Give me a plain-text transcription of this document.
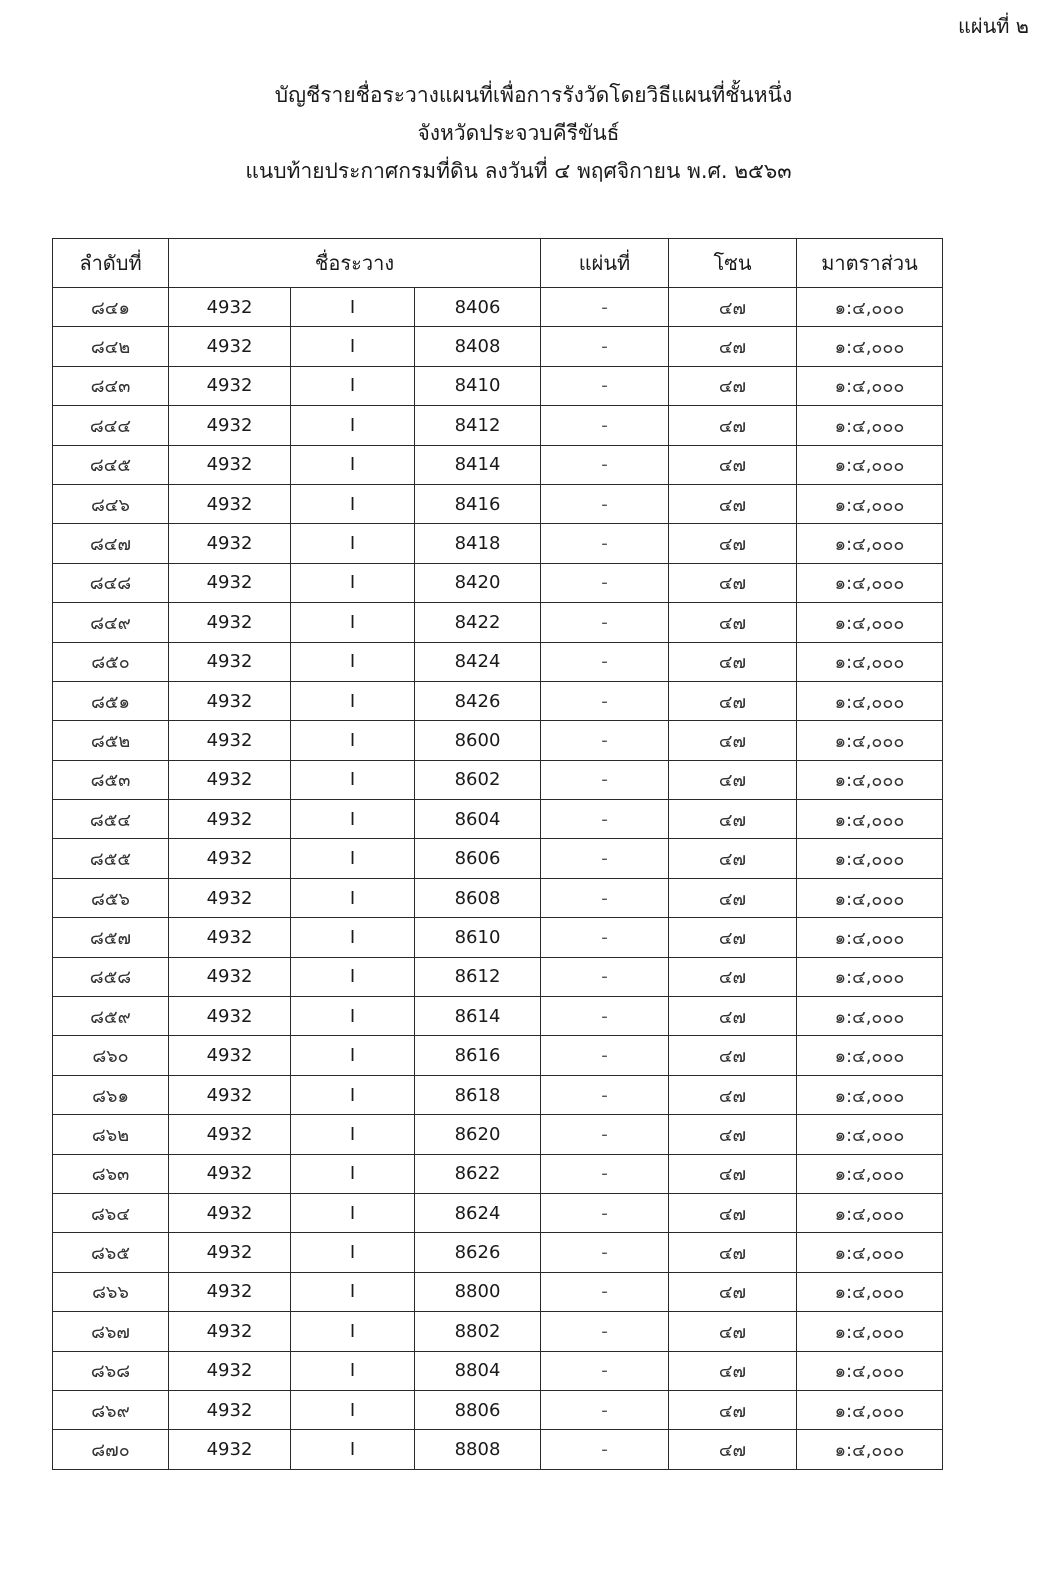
แผ่นที่ ๒
บัญชีรายชื่อระวางแผนที่เพื่อการรังวัดโดยวิธีแผนที่ชั้นหนึ่ง
จังหวัดประจวบคีรีขันธ์
แนบท้ายประกาศกรมที่ดิน ลงวันที่ ๔ พฤศจิกายน พ.ศ. ๒๕๖๓
ลำดับที่	ชื่อระวาง			แผ่นที่	โซน	มาตราส่วน
๘๔๑	4932	I	8406	-	๔๗	๑:๔,๐๐๐
๘๔๒	4932	I	8408	-	๔๗	๑:๔,๐๐๐
๘๔๓	4932	I	8410	-	๔๗	๑:๔,๐๐๐
๘๔๔	4932	I	8412	-	๔๗	๑:๔,๐๐๐
๘๔๕	4932	I	8414	-	๔๗	๑:๔,๐๐๐
๘๔๖	4932	I	8416	-	๔๗	๑:๔,๐๐๐
๘๔๗	4932	I	8418	-	๔๗	๑:๔,๐๐๐
๘๔๘	4932	I	8420	-	๔๗	๑:๔,๐๐๐
๘๔๙	4932	I	8422	-	๔๗	๑:๔,๐๐๐
๘๕๐	4932	I	8424	-	๔๗	๑:๔,๐๐๐
๘๕๑	4932	I	8426	-	๔๗	๑:๔,๐๐๐
๘๕๒	4932	I	8600	-	๔๗	๑:๔,๐๐๐
๘๕๓	4932	I	8602	-	๔๗	๑:๔,๐๐๐
๘๕๔	4932	I	8604	-	๔๗	๑:๔,๐๐๐
๘๕๕	4932	I	8606	-	๔๗	๑:๔,๐๐๐
๘๕๖	4932	I	8608	-	๔๗	๑:๔,๐๐๐
๘๕๗	4932	I	8610	-	๔๗	๑:๔,๐๐๐
๘๕๘	4932	I	8612	-	๔๗	๑:๔,๐๐๐
๘๕๙	4932	I	8614	-	๔๗	๑:๔,๐๐๐
๘๖๐	4932	I	8616	-	๔๗	๑:๔,๐๐๐
๘๖๑	4932	I	8618	-	๔๗	๑:๔,๐๐๐
๘๖๒	4932	I	8620	-	๔๗	๑:๔,๐๐๐
๘๖๓	4932	I	8622	-	๔๗	๑:๔,๐๐๐
๘๖๔	4932	I	8624	-	๔๗	๑:๔,๐๐๐
๘๖๕	4932	I	8626	-	๔๗	๑:๔,๐๐๐
๘๖๖	4932	I	8800	-	๔๗	๑:๔,๐๐๐
๘๖๗	4932	I	8802	-	๔๗	๑:๔,๐๐๐
๘๖๘	4932	I	8804	-	๔๗	๑:๔,๐๐๐
๘๖๙	4932	I	8806	-	๔๗	๑:๔,๐๐๐
๘๗๐	4932	I	8808	-	๔๗	๑:๔,๐๐๐
